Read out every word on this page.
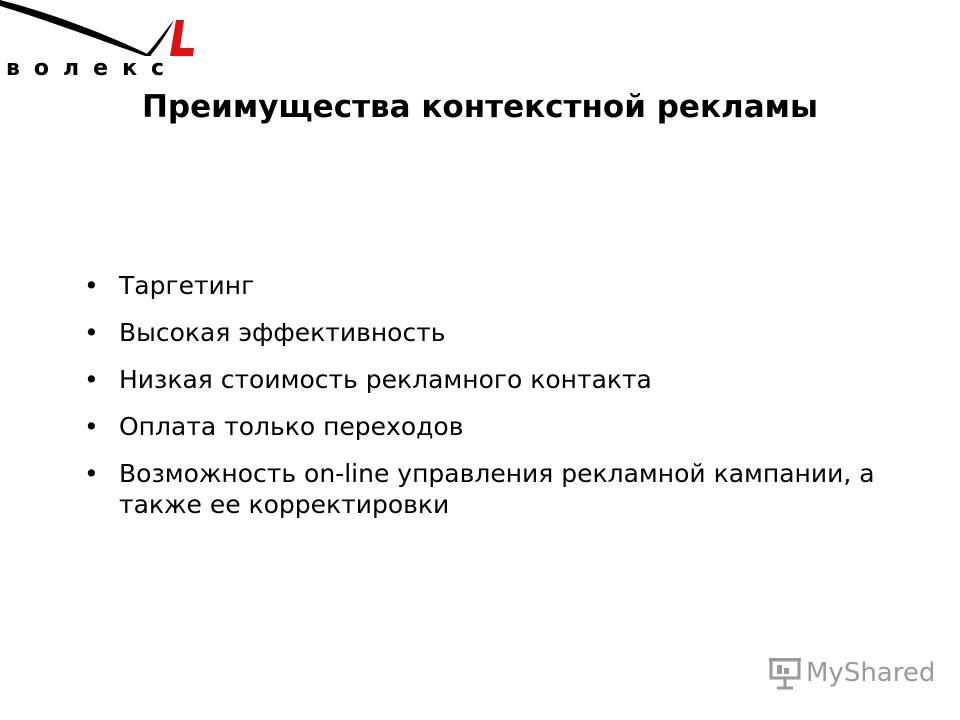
волекс
Преимущества контекстной рекламы
• Таргетинг
• Высокая эффективность
• Низкая стоимость рекламного контакта
• Оплата только переходов
• Возможность on-line управления рекламной кампании, а также ее корректировки
MyShared
